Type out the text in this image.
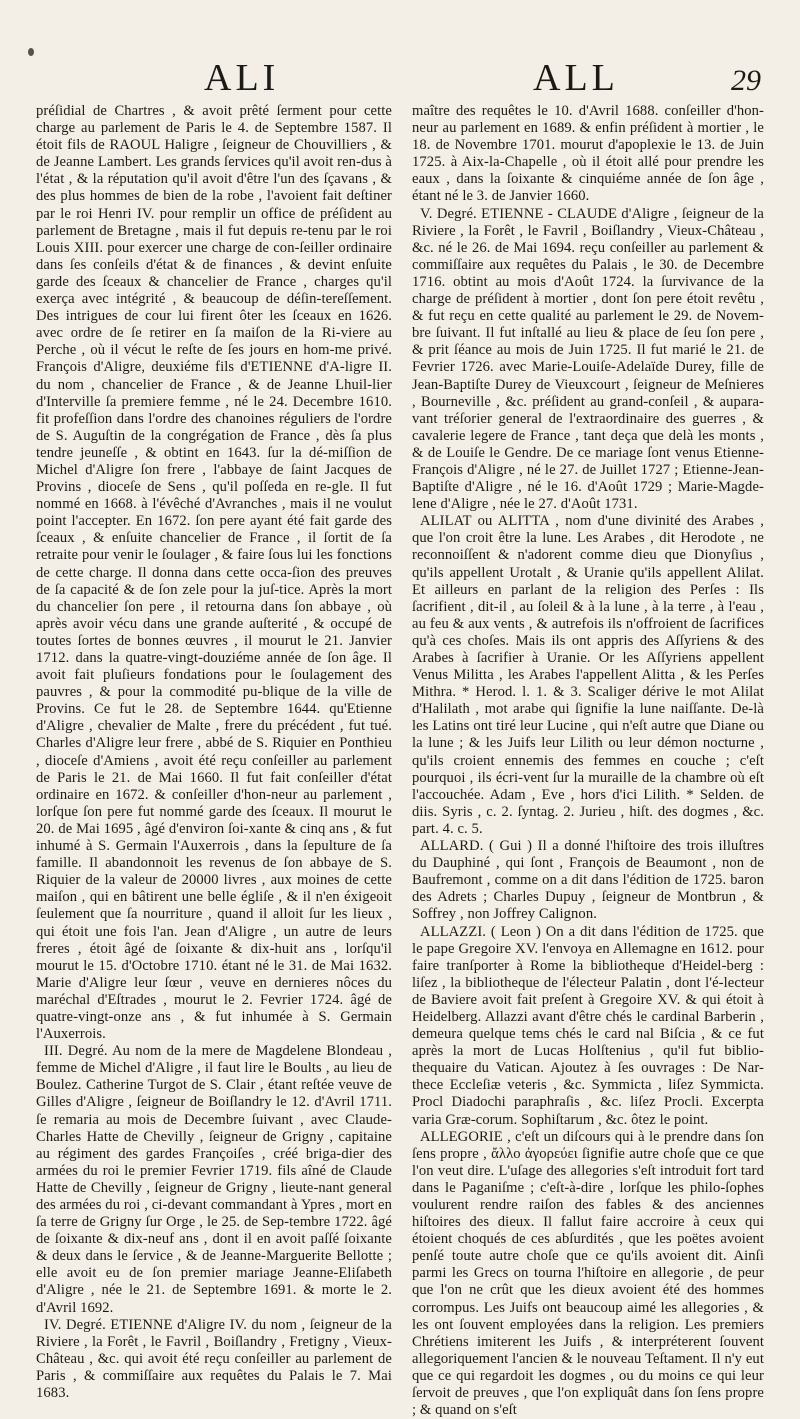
ALI	ALL	29

préſidial de Chartres , & avoit prêté ſerment pour cette charge au parlement de Paris le 4. de Septembre 1587. Il étoit fils de RAOUL Haligre , ſeigneur de Chouvilliers , & de Jeanne Lambert. Les grands ſervices qu'il avoit ren-dus à l'état , & la réputation qu'il avoit d'être l'un des ſçavans , & des plus hommes de bien de la robe , l'avoient fait deſtiner par le roi Henri IV. pour remplir un office de préſident au parlement de Bretagne , mais il fut depuis re-tenu par le roi Louis XIII. pour exercer une charge de con-ſeiller ordinaire dans ſes conſeils d'état & de finances , & devint enſuite garde des ſceaux & chancelier de France , charges qu'il exerça avec intégrité , & beaucoup de déſin-tereſſement. Des intrigues de cour lui firent ôter les ſceaux en 1626. avec ordre de ſe retirer en ſa maiſon de la Ri-viere au Perche , où il vécut le reſte de ſes jours en hom-me privé. François d'Aligre, deuxiéme fils d'ETIENNE d'A-ligre II. du nom , chancelier de France , & de Jeanne Lhuil-lier d'Interville ſa premiere femme , né le 24. Decembre 1610. fit profeſſion dans l'ordre des chanoines réguliers de l'ordre de S. Auguſtin de la congrégation de France , dès ſa plus tendre jeuneſſe , & obtint en 1643. ſur la dé-miſſion de Michel d'Aligre ſon frere , l'abbaye de ſaint Jacques de Provins , dioceſe de Sens , qu'il poſſeda en re-gle. Il fut nommé en 1668. à l'évêché d'Avranches , mais il ne voulut point l'accepter. En 1672. ſon pere ayant été fait garde des ſceaux , & enſuite chancelier de France , il ſortit de ſa retraite pour venir le ſoulager , & faire ſous lui les fonctions de cette charge. Il donna dans cette occa-ſion des preuves de ſa capacité & de ſon zele pour la juſ-tice. Après la mort du chancelier ſon pere , il retourna dans ſon abbaye , où après avoir vécu dans une grande auſterité , & occupé de toutes ſortes de bonnes œuvres , il mourut le 21. Janvier 1712. dans la quatre-vingt-douziéme année de ſon âge. Il avoit fait pluſieurs fondations pour le ſoulagement des pauvres , & pour la commodité pu-blique de la ville de Provins. Ce fut le 28. de Septembre 1644. qu'Etienne d'Aligre , chevalier de Malte , frere du précédent , fut tué. Charles d'Aligre leur frere , abbé de S. Riquier en Ponthieu , dioceſe d'Amiens , avoit été reçu conſeiller au parlement de Paris le 21. de Mai 1660. Il fut fait conſeiller d'état ordinaire en 1672. & conſeiller d'hon-neur au parlement , lorſque ſon pere fut nommé garde des ſceaux. Il mourut le 20. de Mai 1695 , âgé d'environ ſoi-xante & cinq ans , & fut inhumé à S. Germain l'Auxerrois , dans la ſepulture de ſa famille. Il abandonnoit les revenus de ſon abbaye de S. Riquier de la valeur de 20000 livres , aux moines de cette maiſon , qui en bâtirent une belle égliſe , & il n'en éxigeoit ſeulement que ſa nourriture , quand il alloit ſur les lieux , qui étoit une fois l'an. Jean d'Aligre , un autre de leurs freres , étoit âgé de ſoixante & dix-huit ans , lorſqu'il mourut le 15. d'Octobre 1710. étant né le 31. de Mai 1632. Marie d'Aligre leur ſœur , veuve en dernieres nôces du maréchal d'Eſtrades , mourut le 2. Fevrier 1724. âgé de quatre-vingt-onze ans , & fut inhumée à S. Germain l'Auxerrois.

III. Degré. Au nom de la mere de Magdelene Blondeau , femme de Michel d'Aligre , il faut lire le Boults , au lieu de Boulez. Catherine Turgot de S. Clair , étant reſtée veuve de Gilles d'Aligre , ſeigneur de Boiſlandry le 12. d'Avril 1711. ſe remaria au mois de Decembre ſuivant , avec Claude-Charles Hatte de Chevilly , ſeigneur de Grigny , capitaine au régiment des gardes Françoiſes , créé briga-dier des armées du roi le premier Fevrier 1719. fils aîné de Claude Hatte de Chevilly , ſeigneur de Grigny , lieute-nant general des armées du roi , ci-devant commandant à Ypres , mort en ſa terre de Grigny ſur Orge , le 25. de Sep-tembre 1722. âgé de ſoixante & dix-neuf ans , dont il en avoit paſſé ſoixante & deux dans le ſervice , & de Jeanne-Marguerite Bellotte ; elle avoit eu de ſon premier mariage Jeanne-Eliſabeth d'Aligre , née le 21. de Septembre 1691. & morte le 2. d'Avril 1692.

IV. Degré. ETIENNE d'Aligre IV. du nom , ſeigneur de la Riviere , la Forêt , le Favril , Boiſlandry , Fretigny , Vieux-Château , &c. qui avoit été reçu conſeiller au parlement de Paris , & commiſſaire aux requêtes du Palais le 7. Mai 1683.

maître des requêtes le 10. d'Avril 1688. conſeiller d'hon-neur au parlement en 1689. & enfin préſident à mortier , le 18. de Novembre 1701. mourut d'apoplexie le 13. de Juin 1725. à Aix-la-Chapelle , où il étoit allé pour prendre les eaux , dans la ſoixante & cinquiéme année de ſon âge , étant né le 3. de Janvier 1660.

V. Degré. ETIENNE - CLAUDE d'Aligre , ſeigneur de la Riviere , la Forêt , le Favril , Boiſlandry , Vieux-Château , &c. né le 26. de Mai 1694. reçu conſeiller au parlement & commiſſaire aux requêtes du Palais , le 30. de Decembre 1716. obtint au mois d'Août 1724. la ſurvivance de la charge de préſident à mortier , dont ſon pere étoit revêtu , & fut reçu en cette qualité au parlement le 29. de Novem-bre ſuivant. Il fut inſtallé au lieu & place de ſeu ſon pere , & prit ſéance au mois de Juin 1725. Il fut marié le 21. de Fevrier 1726. avec Marie-Louiſe-Adelaïde Durey, fille de Jean-Baptiſte Durey de Vieuxcourt , ſeigneur de Meſnieres , Bourneville , &c. préſident au grand-conſeil , & aupara-vant tréſorier general de l'extraordinaire des guerres , & cavalerie legere de France , tant deça que delà les monts , & de Louiſe le Gendre. De ce mariage ſont venus Etienne-François d'Aligre , né le 27. de Juillet 1727 ; Etienne-Jean-Baptiſte d'Aligre , né le 16. d'Août 1729 ; Marie-Magde-lene d'Aligre , née le 27. d'Août 1731.

ALILAT ou ALITTA , nom d'une divinité des Arabes , que l'on croit être la lune. Les Arabes , dit Herodote , ne reconnoiſſent & n'adorent comme dieu que Dionyſius , qu'ils appellent Urotalt , & Uranie qu'ils appellent Alilat. Et ailleurs en parlant de la religion des Perſes : Ils ſacrifient , dit-il , au ſoleil & à la lune , à la terre , à l'eau , au feu & aux vents , & autrefois ils n'offroient de ſacrifices qu'à ces choſes. Mais ils ont appris des Aſſyriens & des Arabes à ſacrifier à Uranie. Or les Aſſyriens appellent Venus Militta , les Arabes l'appellent Alitta , & les Perſes Mithra. * Herod. l. 1. & 3. Scaliger dérive le mot Alilat d'Halilath , mot arabe qui ſignifie la lune naiſſante. De-là les Latins ont tiré leur Lucine , qui n'eſt autre que Diane ou la lune ; & les Juifs leur Lilith ou leur démon nocturne , qu'ils croient ennemis des femmes en couche ; c'eſt pourquoi , ils écri-vent ſur la muraille de la chambre où eſt l'accouchée. Adam , Eve , hors d'ici Lilith. * Selden. de diis. Syris , c. 2. ſyntag. 2. Jurieu , hiſt. des dogmes , &c. part. 4. c. 5.

ALLARD. ( Gui ) Il a donné l'hiſtoire des trois illuſtres du Dauphiné , qui ſont , François de Beaumont , non de Baufremont , comme on a dit dans l'édition de 1725. baron des Adrets ; Charles Dupuy , ſeigneur de Montbrun , & Soffrey , non Joffrey Calignon.

ALLAZZI. ( Leon ) On a dit dans l'édition de 1725. que le pape Gregoire XV. l'envoya en Allemagne en 1612. pour faire tranſporter à Rome la bibliotheque d'Heidel-berg : liſez , la bibliotheque de l'électeur Palatin , dont l'é-lecteur de Baviere avoit fait preſent à Gregoire XV. & qui étoit à Heidelberg. Allazzi avant d'être chés le cardinal Barberin , demeura quelque tems chés le card nal Biſcia , & ce fut après la mort de Lucas Holſtenius , qu'il fut biblio-thequaire du Vatican. Ajoutez à ſes ouvrages : De Nar-thece Eccleſiæ veteris , &c. Symmicta , liſez Symmicta. Procl Diadochi paraphraſis , &c. liſez Procli. Excerpta varia Græ-corum. Sophiſtarum , &c. ôtez le point.

ALLEGORIE , c'eſt un diſcours qui à le prendre dans ſon ſens propre , ἄλλο ἀγορεύει ſignifie autre choſe que ce que l'on veut dire. L'uſage des allegories s'eſt introduit fort tard dans le Paganiſme ; c'eſt-à-dire , lorſque les philo-ſophes voulurent rendre raiſon des fables & des anciennes hiſtoires des dieux. Il fallut faire accroire à ceux qui étoient choqués de ces abſurdités , que les poëtes avoient penſé toute autre choſe que ce qu'ils avoient dit. Ainſi parmi les Grecs on tourna l'hiſtoire en allegorie , de peur que l'on ne crût que les dieux avoient été des hommes corrompus. Les Juifs ont beaucoup aimé les allegories , & les ont ſouvent employées dans la religion. Les premiers Chrétiens imiterent les Juifs , & interpréterent ſouvent allegoriquement l'ancien & le nouveau Teſtament. Il n'y eut que ce qui regardoit les dogmes , ou du moins ce qui leur ſervoit de preuves , que l'on expliquât dans ſon ſens propre ; & quand on s'eſt
